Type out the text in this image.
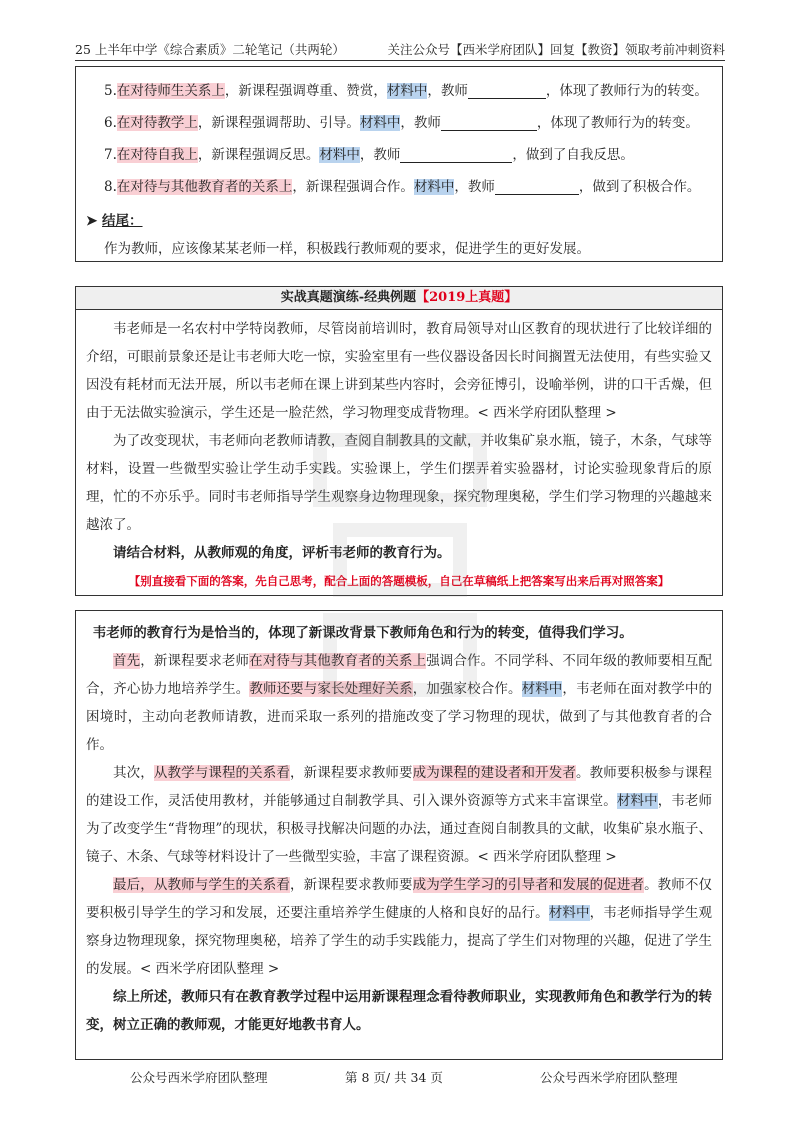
25 上半年中学《综合素质》二轮笔记（共两轮）	关注公众号【西米学府团队】回复【教资】领取考前冲刺资料
5.在对待师生关系上，新课程强调尊重、赞赏，材料中，教师	，体现了教师行为的转变。
6.在对待教学上，新课程强调帮助、引导。材料中，教师	，体现了教师行为的转变。
7.在对待自我上，新课程强调反思。材料中，教师	，做到了自我反思。
8.在对待与其他教育者的关系上，新课程强调合作。材料中，教师	，做到了积极合作。
➤ 结尾：
作为教师，应该像某某老师一样，积极践行教师观的要求，促进学生的更好发展。
实战真题演练-经典例题【2019上真题】

韦老师是一名农村中学特岗教师，尽管岗前培训时，教育局领导对山区教育的现状进行了比较详细的介绍，可眼前景象还是让韦老师大吃一惊，实验室里有一些仪器设备因长时间搁置无法使用，有些实验又因没有耗材而无法开展，所以韦老师在课上讲到某些内容时，会旁征博引，设喻举例，讲的口干舌燥，但由于无法做实验演示，学生还是一脸茫然，学习物理变成背物理。< 西米学府团队整理 >

为了改变现状，韦老师向老教师请教，查阅自制教具的文献，并收集矿泉水瓶，镜子，木条，气球等材料，设置一些微型实验让学生动手实践。实验课上，学生们摆弄着实验器材，讨论实验现象背后的原理，忙的不亦乐乎。同时韦老师指导学生观察身边物理现象，探究物理奥秘，学生们学习物理的兴趣越来越浓了。

请结合材料，从教师观的角度，评析韦老师的教育行为。

【别直接看下面的答案，先自己思考，配合上面的答题模板，自己在草稿纸上把答案写出来后再对照答案】

韦老师的教育行为是恰当的，体现了新课改背景下教师角色和行为的转变，值得我们学习。

首先，新课程要求老师在对待与其他教育者的关系上强调合作。不同学科、不同年级的教师要相互配合，齐心协力地培养学生。教师还要与家长处理好关系，加强家校合作。材料中，韦老师在面对教学中的困境时，主动向老教师请教，进而采取一系列的措施改变了学习物理的现状，做到了与其他教育者的合作。

其次，从教学与课程的关系看，新课程要求教师要成为课程的建设者和开发者。教师要积极参与课程的建设工作，灵活使用教材，并能够通过自制教学具、引入课外资源等方式来丰富课堂。材料中，韦老师为了改变学生“背物理”的现状，积极寻找解决问题的办法，通过查阅自制教具的文献，收集矿泉水瓶子、镜子、木条、气球等材料设计了一些微型实验，丰富了课程资源。< 西米学府团队整理 >

最后，从教师与学生的关系看，新课程要求教师要成为学生学习的引导者和发展的促进者。教师不仅要积极引导学生的学习和发展，还要注重培养学生健康的人格和良好的品行。材料中，韦老师指导学生观察身边物理现象，探究物理奥秘，培养了学生的动手实践能力，提高了学生们对物理的兴趣，促进了学生的发展。< 西米学府团队整理 >

综上所述，教师只有在教育教学过程中运用新课程理念看待教师职业，实现教师角色和教学行为的转变，树立正确的教师观，才能更好地教书育人。

公众号西米学府团队整理	第 8 页/ 共 34 页	公众号西米学府团队整理
